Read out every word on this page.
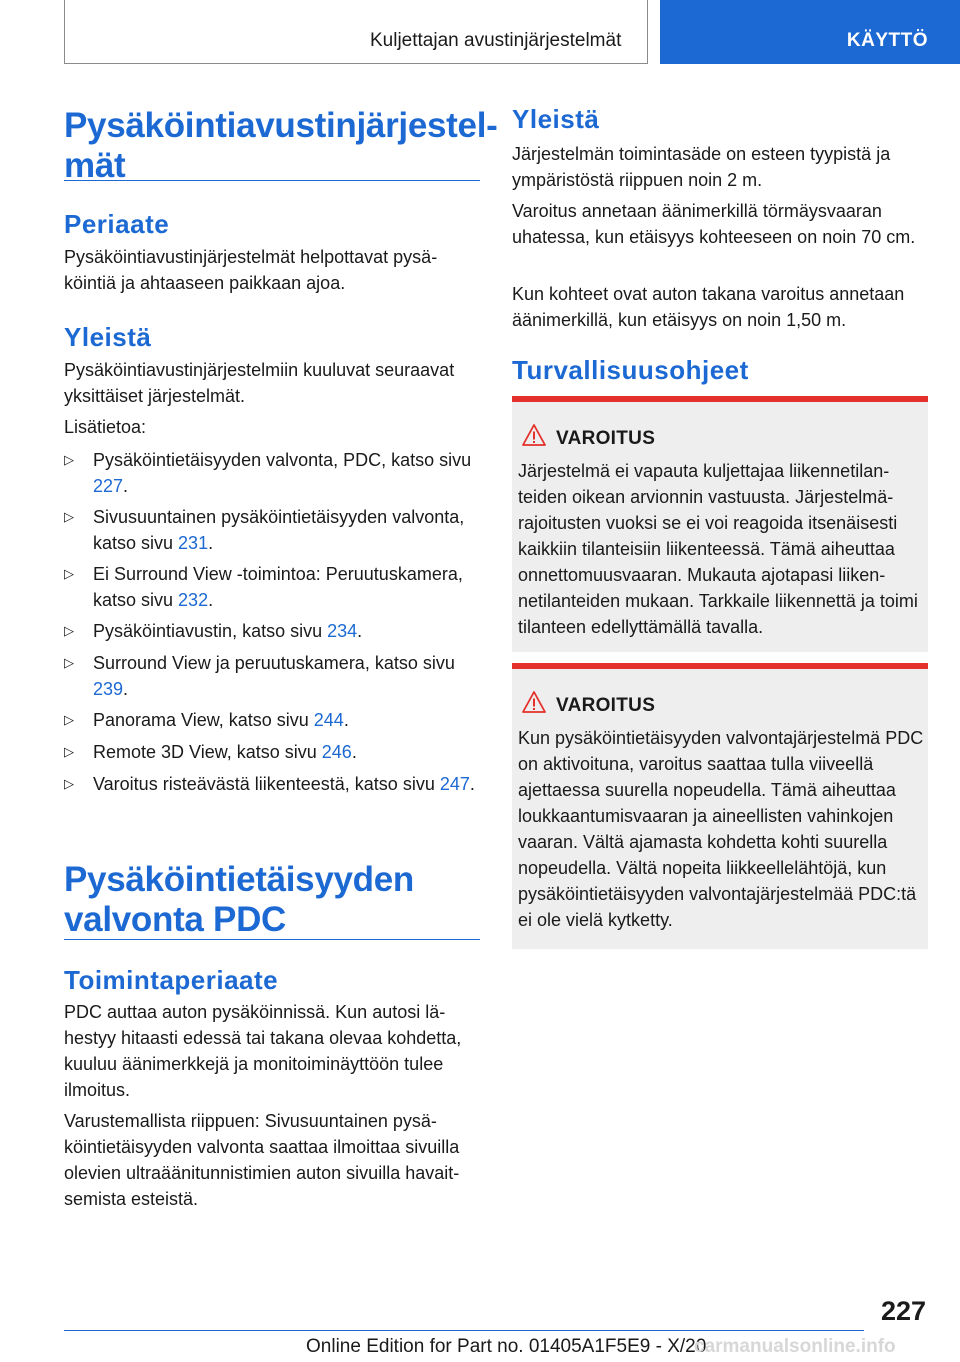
Kuljettajan avustinjärjestelmät	KÄYTTÖ
Pysäköintiavustinjärjestelmät
Periaate

Pysäköintiavustinjärjestelmät helpottavat pysäköintiä ja ahtaaseen paikkaan ajoa.

Yleistä

Pysäköintiavustinjärjestelmiin kuuluvat seuraavat yksittäiset järjestelmät.

Lisätietoa:

▷	Pysäköintietäisyyden valvonta, PDC, katso sivu 227.
▷	Sivusuuntainen pysäköintietäisyyden valvonta, katso sivu 231.
▷	Ei Surround View -toimintoa: Peruutuskamera, katso sivu 232.
▷	Pysäköintiavustin, katso sivu 234.
▷	Surround View ja peruutuskamera, katso sivu 239.
▷	Panorama View, katso sivu 244.
▷	Remote 3D View, katso sivu 246.
▷	Varoitus risteävästä liikenteestä, katso sivu 247.
Pysäköintietäisyyden valvonta PDC
Toimintaperiaate

PDC auttaa auton pysäköinnissä. Kun autosi lähestyy hitaasti edessä tai takana olevaa kohdetta, kuuluu äänimerkkejä ja monitoiminäyttöön tulee ilmoitus.

Varustemallista riippuen: Sivusuuntainen pysäköintietäisyyden valvonta saattaa ilmoittaa sivuilla olevien ultraäänitunnistimien auton sivuilla havaitsemista esteistä.

Yleistä

Järjestelmän toimintasäde on esteen tyypistä ja ympäristöstä riippuen noin 2 m.

Varoitus annetaan äänimerkillä törmäysvaaran uhatessa, kun etäisyys kohteeseen on noin 70 cm.

Kun kohteet ovat auton takana varoitus annetaan äänimerkillä, kun etäisyys on noin 1,50 m.

Turvallisuusohjeet
VAROITUS
Järjestelmä ei vapauta kuljettajaa liikennetilanteiden oikean arvionnin vastuusta. Järjestelmärajoitusten vuoksi se ei voi reagoida itsenäisesti kaikkiin tilanteisiin liikenteessä. Tämä aiheuttaa onnettomuusvaaran. Mukauta ajotapasi liikennetilanteiden mukaan. Tarkkaile liikennettä ja toimi tilanteen edellyttämällä tavalla.
VAROITUS
Kun pysäköintietäisyyden valvontajärjestelmä PDC on aktivoituna, varoitus saattaa tulla viiveellä ajettaessa suurella nopeudella. Tämä aiheuttaa loukkaantumisvaaran ja aineellisten vahinkojen vaaran. Vältä ajamasta kohdetta kohti suurella nopeudella. Vältä nopeita liikkeellelähtöjä, kun pysäköintietäisyyden valvontajärjestelmää PDC:tä ei ole vielä kytketty.
227
Online Edition for Part no. 01405A1F5E9 - X/20
carmanualsonline.info
